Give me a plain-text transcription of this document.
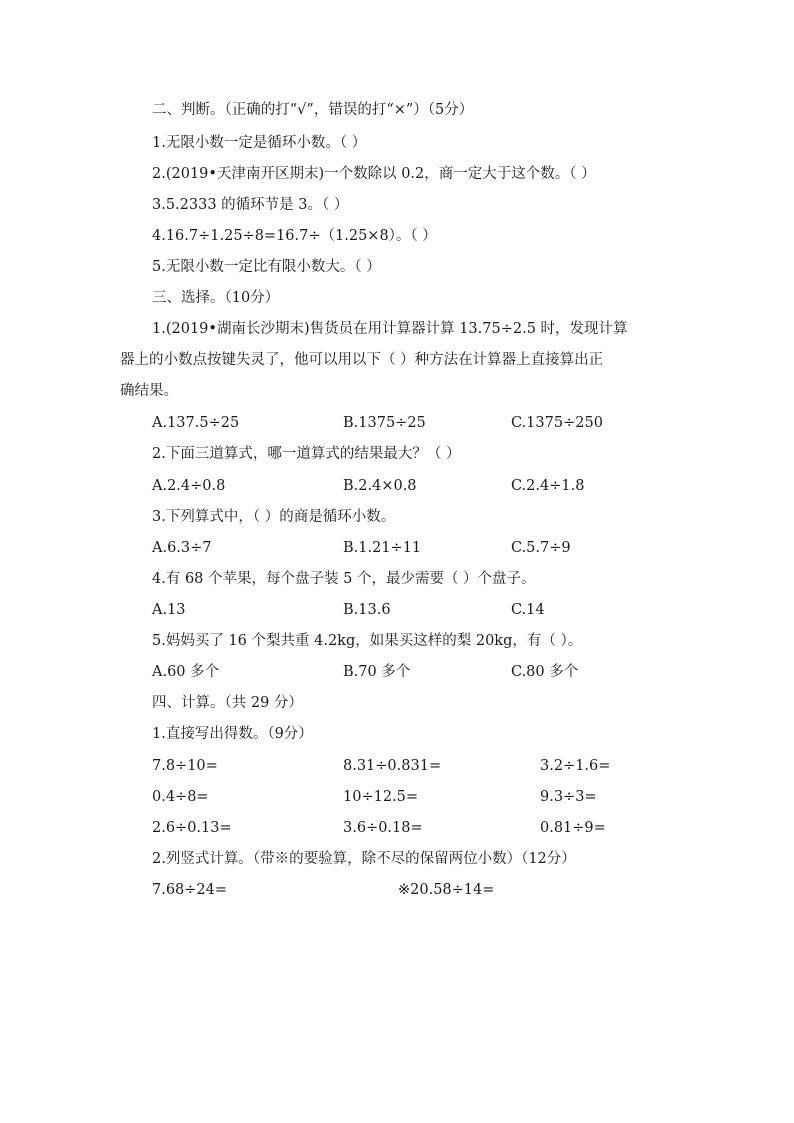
二、判断。（正确的打“√”，错误的打“×”）（5分）
1.无限小数一定是循环小数。（ ）
2.(2019•天津南开区期末)一个数除以 0.2，商一定大于这个数。（ ）
3.5.2333 的循环节是 3。（ ）
4.16.7÷1.25÷8=16.7÷（1.25×8）。（ ）
5.无限小数一定比有限小数大。（ ）
三、选择。（10分）
1.(2019•湖南长沙期末)售货员在用计算器计算 13.75÷2.5 时，发现计算
器上的小数点按键失灵了，他可以用以下（ ）种方法在计算器上直接算出正
确结果。
A.137.5÷25	B.1375÷25	C.1375÷250
2.下面三道算式，哪一道算式的结果最大？（ ）
A.2.4÷0.8	B.2.4×0.8	C.2.4÷1.8
3.下列算式中，（ ）的商是循环小数。
A.6.3÷7	B.1.21÷11	C.5.7÷9
4.有 68 个苹果，每个盘子装 5 个，最少需要（ ）个盘子。
A.13	B.13.6	C.14
5.妈妈买了 16 个梨共重 4.2kg，如果买这样的梨 20kg，有（ ）。
A.60 多个	B.70 多个	C.80 多个
四、计算。（共 29 分）
1.直接写出得数。（9分）
7.8÷10=	8.31÷0.831=	3.2÷1.6=
0.4÷8=	10÷12.5=	9.3÷3=
2.6÷0.13=	3.6÷0.18=	0.81÷9=
2.列竖式计算。（带※的要验算，除不尽的保留两位小数）（12分）
7.68÷24=	※20.58÷14=
